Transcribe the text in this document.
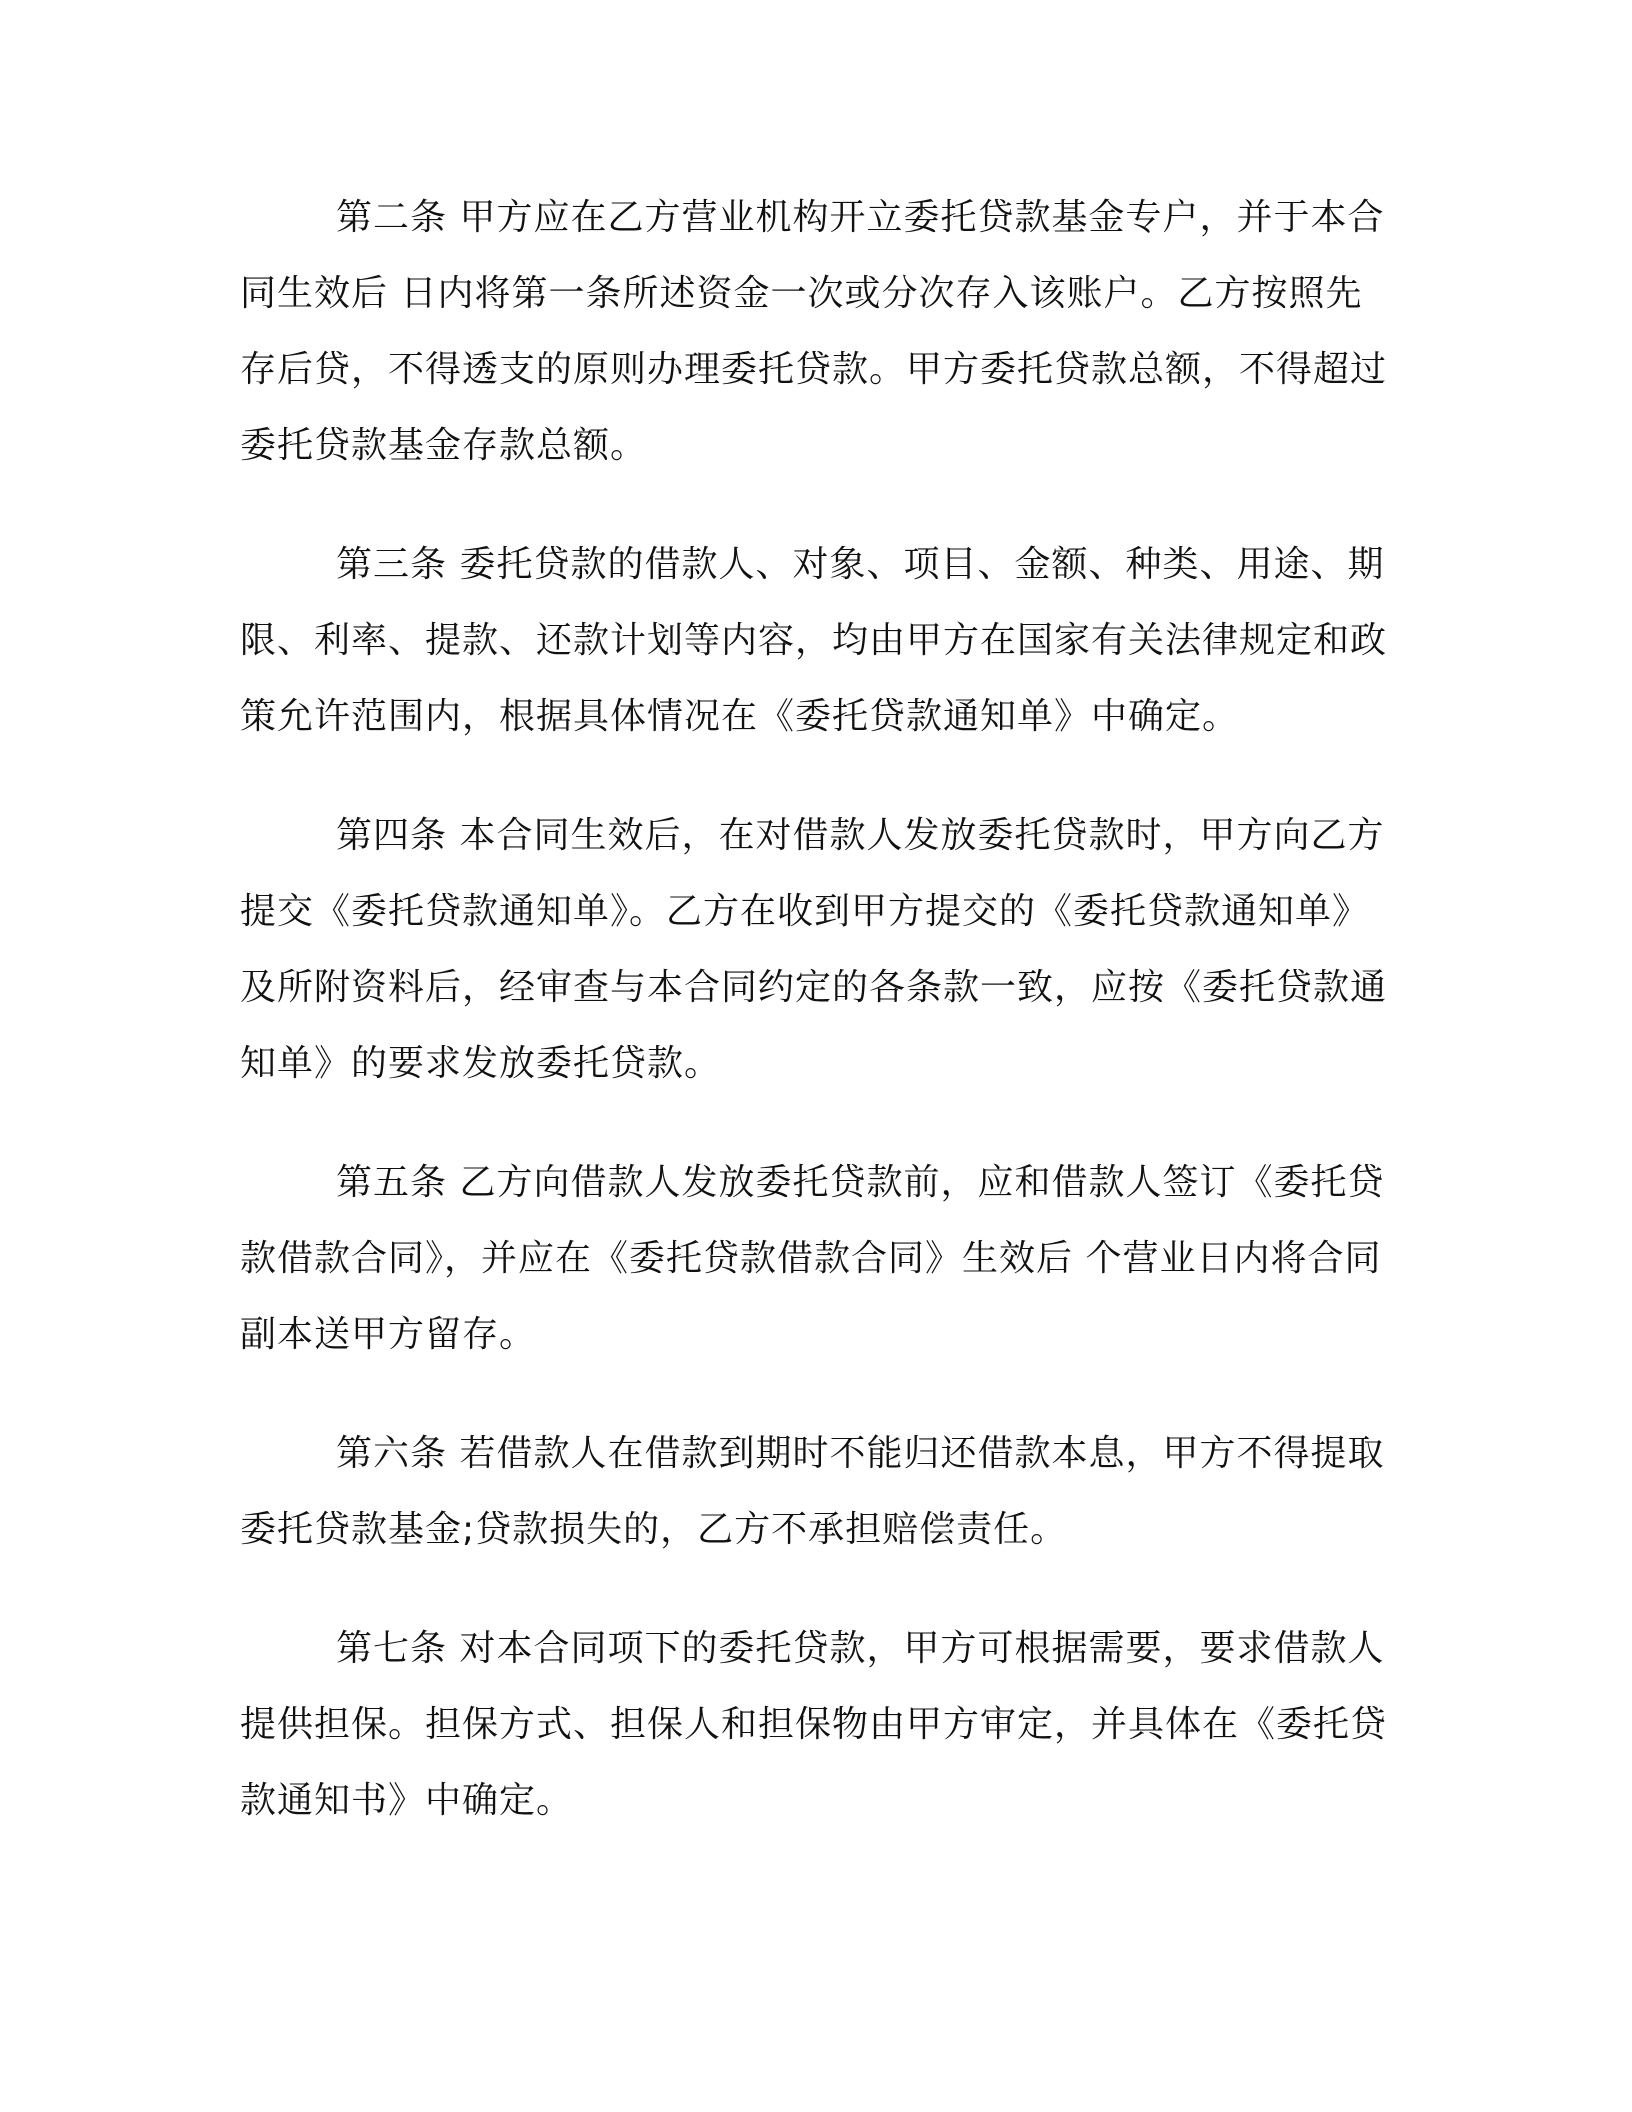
第二条 甲方应在乙方营业机构开立委托贷款基金专户，并于本合同生效后 日内将第一条所述资金一次或分次存入该账户。乙方按照先存后贷，不得透支的原则办理委托贷款。甲方委托贷款总额，不得超过委托贷款基金存款总额。

第三条 委托贷款的借款人、对象、项目、金额、种类、用途、期限、利率、提款、还款计划等内容，均由甲方在国家有关法律规定和政策允许范围内，根据具体情况在《委托贷款通知单》中确定。

第四条 本合同生效后，在对借款人发放委托贷款时，甲方向乙方提交《委托贷款通知单》。乙方在收到甲方提交的《委托贷款通知单》及所附资料后，经审查与本合同约定的各条款一致，应按《委托贷款通知单》的要求发放委托贷款。

第五条 乙方向借款人发放委托贷款前，应和借款人签订《委托贷款借款合同》，并应在《委托贷款借款合同》生效后 个营业日内将合同副本送甲方留存。

第六条 若借款人在借款到期时不能归还借款本息，甲方不得提取委托贷款基金;贷款损失的，乙方不承担赔偿责任。

第七条 对本合同项下的委托贷款，甲方可根据需要，要求借款人提供担保。担保方式、担保人和担保物由甲方审定，并具体在《委托贷款通知书》中确定。
